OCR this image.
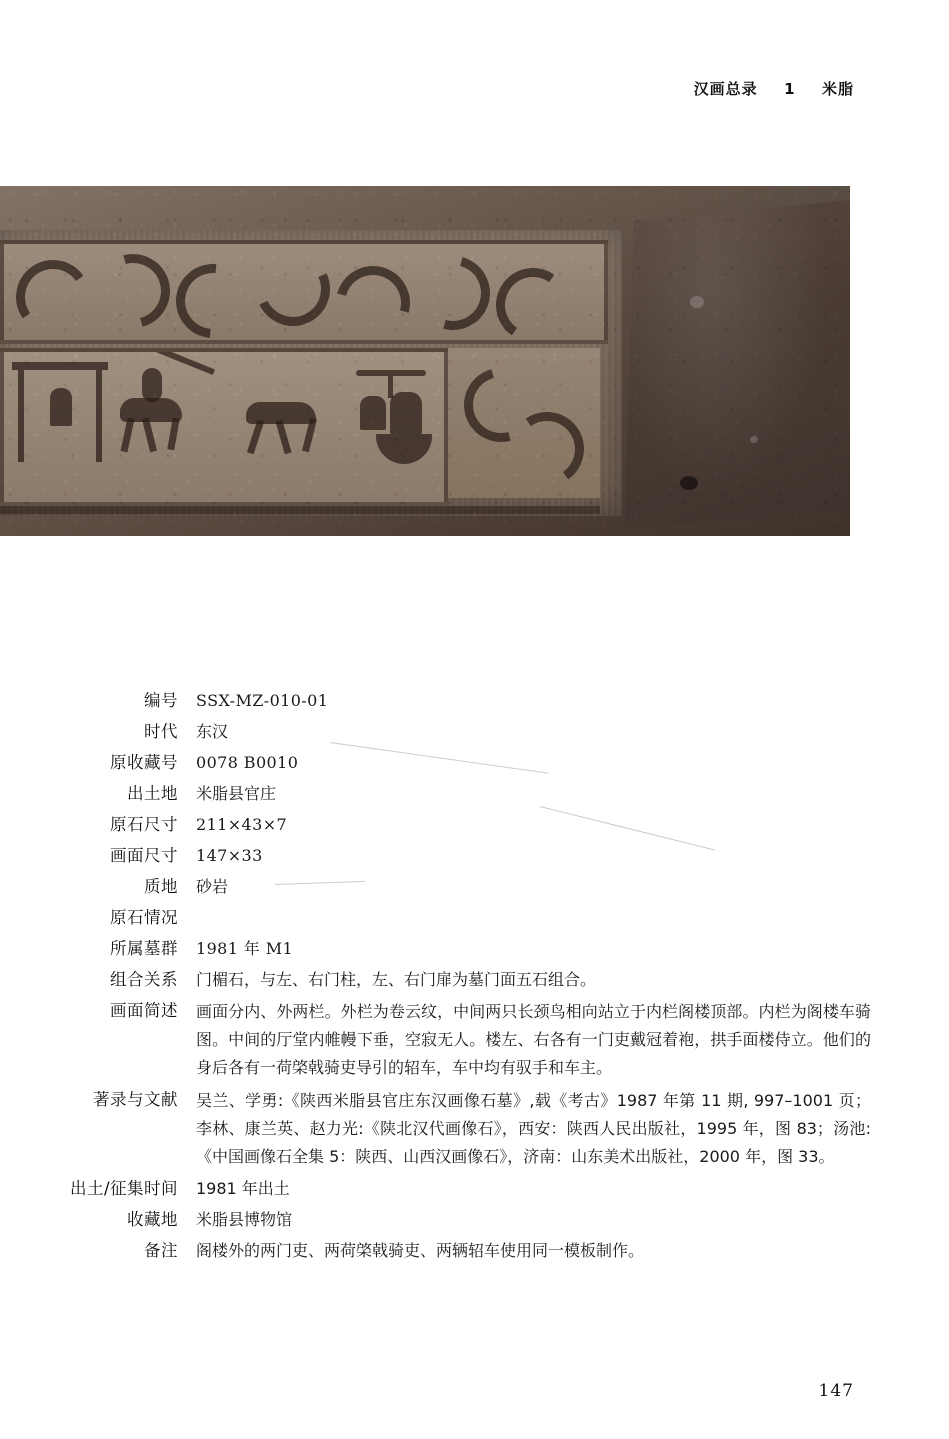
汉画总录 1 米脂
编号	SSX-MZ-010-01
时代	东汉
原收藏号	0078 B0010
出土地	米脂县官庄
原石尺寸	211×43×7
画面尺寸	147×33
质地	砂岩
原石情况
所属墓群	1981 年 M1
组合关系	门楣石，与左、右门柱，左、右门扉为墓门面五石组合。
画面简述	画面分内、外两栏。外栏为卷云纹，中间两只长颈鸟相向站立于内栏阁楼顶部。内栏为阁楼车骑图。中间的厅堂内帷幔下垂，空寂无人。楼左、右各有一门吏戴冠着袍，拱手面楼侍立。他们的身后各有一荷棨戟骑吏导引的轺车，车中均有驭手和车主。
著录与文献	吴兰、学勇:《陕西米脂县官庄东汉画像石墓》,载《考古》1987 年第 11 期, 997–1001 页；李林、康兰英、赵力光:《陕北汉代画像石》，西安：陕西人民出版社，1995 年，图 83；汤池:《中国画像石全集 5：陕西、山西汉画像石》，济南：山东美术出版社，2000 年，图 33。
出土/征集时间	1981 年出土
收藏地	米脂县博物馆
备注	阁楼外的两门吏、两荷棨戟骑吏、两辆轺车使用同一模板制作。
147
